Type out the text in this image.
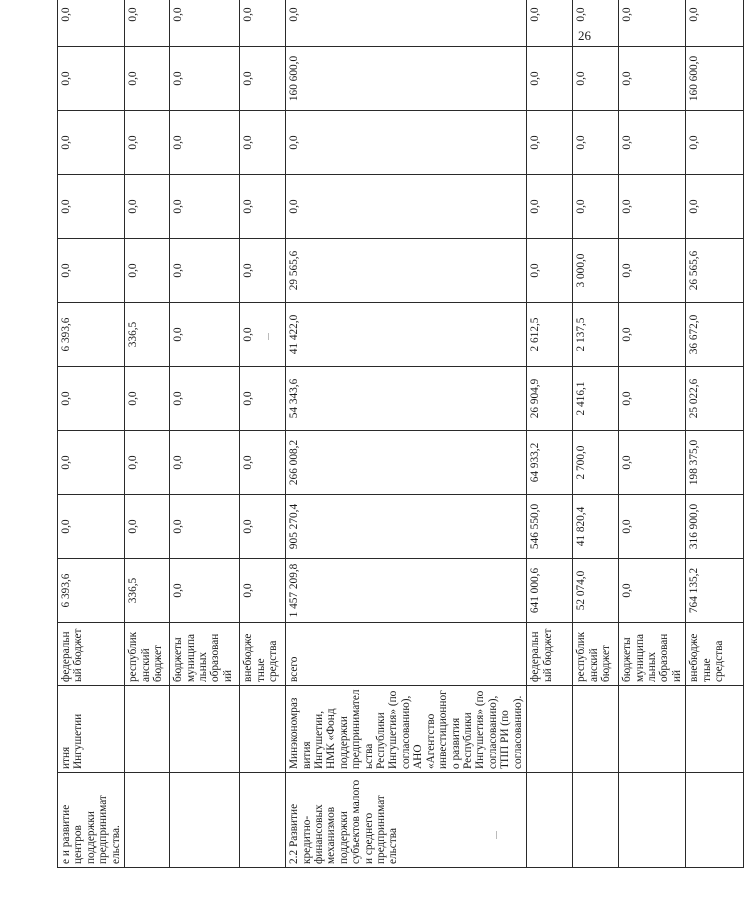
26
е и развитие центров поддержки предпринимат ельства.	итня Ингушетии	федеральн ый бюджет	6 393,6	0,0	0,0	0,0	6 393,6	0,0	0,0	0,0	0,0	0,0		
		республик анский бюджет	336,5	0,0	0,0	0,0	336,5	0,0	0,0	0,0	0,0	0,0		
		бюджеты муниципа льных образован ий	0,0	0,0	0,0	0,0	0,0	0,0	0,0	0,0	0,0	0,0		
		внебюдже тные средства	0,0	0,0	0,0	0,0	0,0	0,0	0,0	0,0	0,0	0,0		
2.2 Развитие кредитно- финансовых механизмов поддержки субъектов малого и среднего предпринимат ельства	Минэкономраз вития Ингушетии, НМК «Фонд поддержки предпринимател ьства Республики Ингушетия» (по согласованию), АНО «Агентство инвестиционног о развития Республики Ингушетия» (по согласованию), ТПП РИ (по согласованию).	всего	1 457 209,8	905 270,4	266 008,2	54 343,6	41 422,0	29 565,6	0,0	0,0	160 600,0	0,0		
		федеральн ый бюджет	641 000,6	546 550,0	64 933,2	26 904,9	2 612,5	0,0	0,0	0,0	0,0	0,0		
		республик анский бюджет	52 074,0	41 820,4	2 700,0	2 416,1	2 137,5	3 000,0	0,0	0,0	0,0	0,0		
		бюджеты муниципа льных образован ий	0,0	0,0	0,0	0,0	0,0	0,0	0,0	0,0	0,0	0,0		
		внебюдже тные средства	764 135,2	316 900,0	198 375,0	25 022,6	36 672,0	26 565,6	0,0	0,0	160 600,0	0,0		
